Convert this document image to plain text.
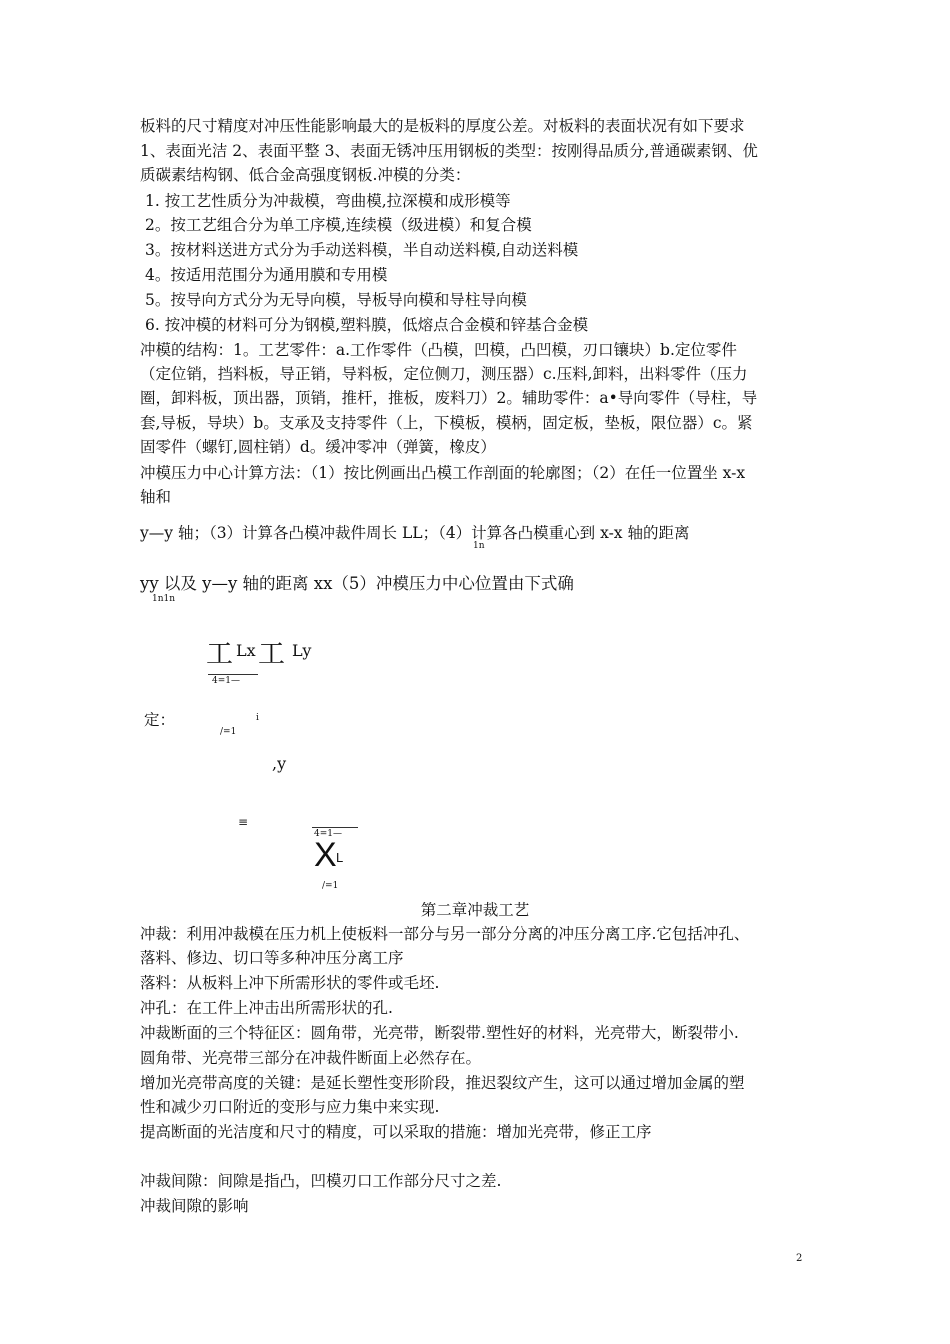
板料的尺寸精度对冲压性能影响最大的是板料的厚度公差。对板料的表面状况有如下要求
1、表面光洁 2、表面平整 3、表面无锈冲压用钢板的类型：按刚得品质分,普通碳素钢、优
质碳素结构钢、低合金高强度钢板.冲模的分类：
1. 按工艺性质分为冲裁模，弯曲模,拉深模和成形模等
2。按工艺组合分为单工序模,连续模（级进模）和复合模
3。按材料送进方式分为手动送料模，半自动送料模,自动送料模
4。按适用范围分为通用膜和专用模
5。按导向方式分为无导向模，导板导向模和导柱导向模
6. 按冲模的材料可分为钢模,塑料膜，低熔点合金模和锌基合金模
冲模的结构：1。工艺零件：a.工作零件（凸模，凹模，凸凹模，刃口镶块）b.定位零件
（定位销，挡料板，导正销，导料板，定位侧刀，测压器）c.压料,卸料，出料零件（压力
圈，卸料板，顶出器，顶销，推杆，推板，废料刀）2。辅助零件：a•导向零件（导柱，导
套,导板，导块）b。支承及支持零件（上，下模板，模柄，固定板，垫板，限位器）c。紧
固零件（螺钉,圆柱销）d。缓冲零冲（弹簧，橡皮）
冲模压力中心计算方法：（1）按比例画出凸模工作剖面的轮廓图；（2）在任一位置坐 x-x
轴和
y—y 轴；（3）计算各凸模冲裁件周长 LL；（4）计算各凸模重心到 x-x 轴的距离
1n
yy 以及 y—y 轴的距离 xx（5）冲模压力中心位置由下式确
1n1n
工 Lx 工 Ly
4=1—
定：	i
/=1
,y
≡
4=1—
X L
/=1
第二章冲裁工艺
冲裁：利用冲裁模在压力机上使板料一部分与另一部分分离的冲压分离工序.它包括冲孔、
落料、修边、切口等多种冲压分离工序
落料：从板料上冲下所需形状的零件或毛坯.
冲孔：在工件上冲击出所需形状的孔.
冲裁断面的三个特征区：圆角带，光亮带，断裂带.塑性好的材料，光亮带大，断裂带小.
圆角带、光亮带三部分在冲裁件断面上必然存在。
增加光亮带高度的关键：是延长塑性变形阶段，推迟裂纹产生，这可以通过增加金属的塑
性和减少刃口附近的变形与应力集中来实现.
提高断面的光洁度和尺寸的精度，可以采取的措施：增加光亮带，修正工序
冲裁间隙：间隙是指凸，凹模刃口工作部分尺寸之差.
冲裁间隙的影响
2
